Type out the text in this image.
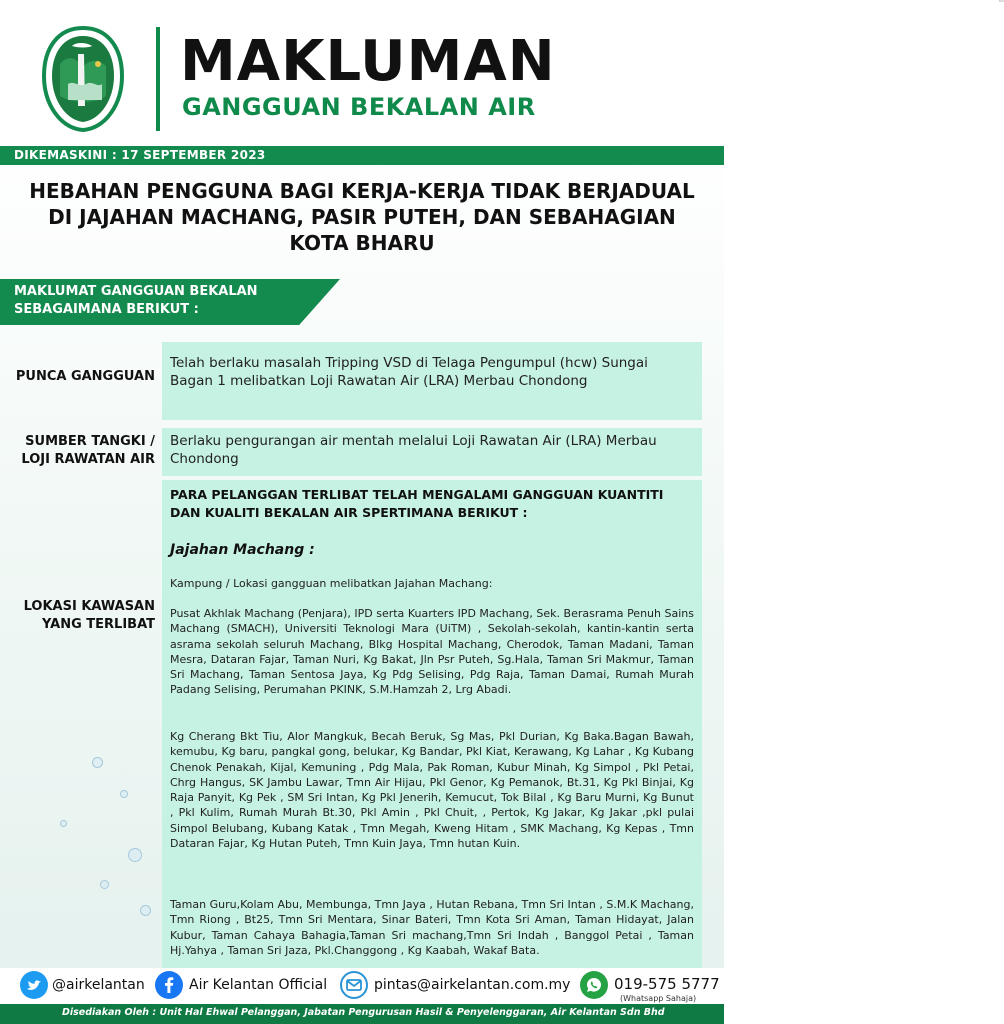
AIR KELANTAN SDN BHD
MAKLUMAN
GANGGUAN BEKALAN AIR
DIKEMASKINI : 17 SEPTEMBER 2023
HEBAHAN PENGGUNA BAGI KERJA-KERJA TIDAK BERJADUAL DI JAJAHAN MACHANG, PASIR PUTEH, DAN SEBAHAGIAN KOTA BHARU
MAKLUMAT GANGGUAN BEKALAN SEBAGAIMANA BERIKUT :
PUNCA GANGGUAN
Telah berlaku masalah Tripping VSD di Telaga Pengumpul (hcw) Sungai Bagan 1 melibatkan Loji Rawatan Air (LRA) Merbau Chondong
SUMBER TANGKI / LOJI RAWATAN AIR
Berlaku pengurangan air mentah melalui Loji Rawatan Air (LRA) Merbau Chondong
LOKASI KAWASAN YANG TERLIBAT
PARA PELANGGAN TERLIBAT TELAH MENGALAMI GANGGUAN KUANTITI DAN KUALITI BEKALAN AIR SPERTIMANA BERIKUT :
Jajahan Machang :
Kampung / Lokasi gangguan melibatkan Jajahan Machang:
Pusat Akhlak Machang (Penjara), IPD serta Kuarters IPD Machang, Sek. Berasrama Penuh Sains Machang (SMACH), Universiti Teknologi Mara (UiTM) , Sekolah-sekolah, kantin-kantin serta asrama sekolah seluruh Machang, Blkg Hospital Machang, Cherodok, Taman Madani, Taman Mesra, Dataran Fajar, Taman Nuri, Kg Bakat, Jln Psr Puteh, Sg.Hala, Taman Sri Makmur, Taman Sri Machang, Taman Sentosa Jaya, Kg Pdg Selising, Pdg Raja, Taman Damai, Rumah Murah Padang Selising, Perumahan PKINK, S.M.Hamzah 2, Lrg Abadi.
Kg Cherang Bkt Tiu, Alor Mangkuk, Becah Beruk, Sg Mas, Pkl Durian, Kg Baka.Bagan Bawah, kemubu, Kg baru, pangkal gong, belukar, Kg Bandar, Pkl Kiat, Kerawang, Kg Lahar , Kg Kubang Chenok Penakah, Kijal, Kemuning , Pdg Mala, Pak Roman, Kubur Minah, Kg Simpol , Pkl Petai, Chrg Hangus, SK Jambu Lawar, Tmn Air Hijau, Pkl Genor, Kg Pemanok, Bt.31, Kg Pkl Binjai, Kg Raja Panyit, Kg Pek , SM Sri Intan, Kg Pkl Jenerih, Kemucut, Tok Bilal , Kg Baru Murni, Kg Bunut , Pkl Kulim, Rumah Murah Bt.30, Pkl Amin , Pkl Chuit, , Pertok, Kg Jakar, Kg Jakar ,pkl pulai Simpol Belubang, Kubang Katak , Tmn Megah, Kweng Hitam , SMK Machang, Kg Kepas , Tmn Dataran Fajar, Kg Hutan Puteh, Tmn Kuin Jaya, Tmn hutan Kuin.
Taman Guru,Kolam Abu, Membunga, Tmn Jaya , Hutan Rebana, Tmn Sri Intan , S.M.K Machang, Tmn Riong , Bt25, Tmn Sri Mentara, Sinar Bateri, Tmn Kota Sri Aman, Taman Hidayat, Jalan Kubur, Taman Cahaya Bahagia,Taman Sri machang,Tmn Sri Indah , Banggol Petai , Taman Hj.Yahya , Taman Sri Jaza, Pkl.Changgong , Kg Kaabah, Wakaf Bata.
@airkelantan	Air Kelantan Official	pintas@airkelantan.com.my	019-575 5777
(Whatsapp Sahaja)
Disediakan Oleh : Unit Hal Ehwal Pelanggan, Jabatan Pengurusan Hasil & Penyelenggaran, Air Kelantan Sdn Bhd
